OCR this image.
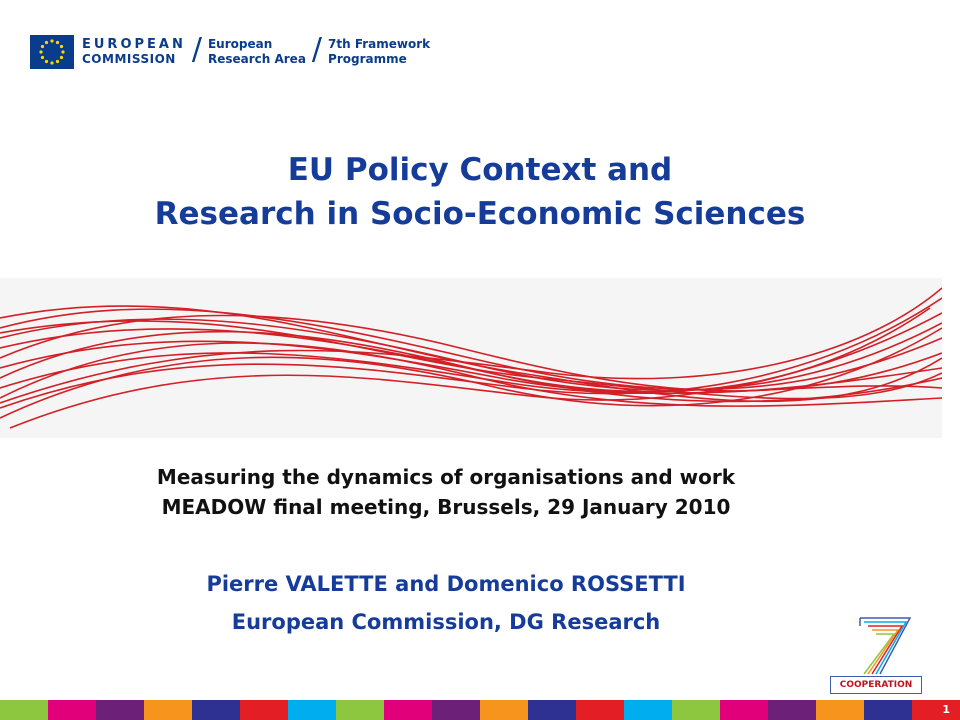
EUROPEAN
COMMISSION / European
Research Area / 7th Framework
Programme
EU Policy Context and
Research in Socio-Economic Sciences
Measuring the dynamics of organisations and work
MEADOW final meeting, Brussels, 29 January 2010
Pierre VALETTE and Domenico ROSSETTI
European Commission, DG Research
COOPERATION
1
